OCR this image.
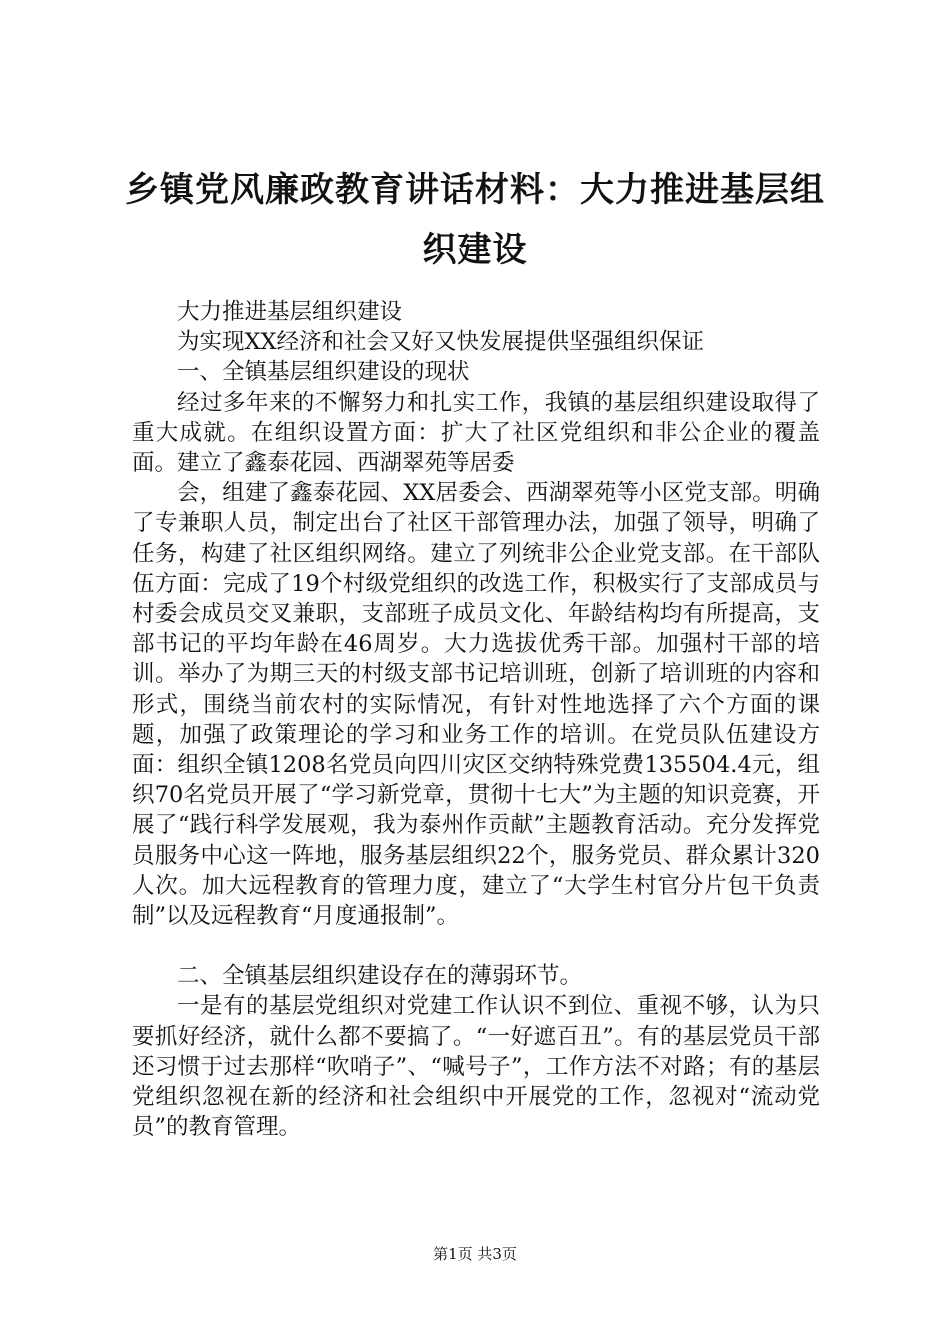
乡镇党风廉政教育讲话材料：大力推进基层组织建设

大力推进基层组织建设

为实现XX经济和社会又好又快发展提供坚强组织保证

一、全镇基层组织建设的现状

经过多年来的不懈努力和扎实工作，我镇的基层组织建设取得了重大成就。在组织设置方面：扩大了社区党组织和非公企业的覆盖面。建立了鑫泰花园、西湖翠苑等居委

会，组建了鑫泰花园、XX居委会、西湖翠苑等小区党支部。明确了专兼职人员，制定出台了社区干部管理办法，加强了领导，明确了任务，构建了社区组织网络。建立了列统非公企业党支部。在干部队伍方面：完成了19个村级党组织的改选工作，积极实行了支部成员与村委会成员交叉兼职，支部班子成员文化、年龄结构均有所提高，支部书记的平均年龄在46周岁。大力选拔优秀干部。加强村干部的培训。举办了为期三天的村级支部书记培训班，创新了培训班的内容和形式，围绕当前农村的实际情况，有针对性地选择了六个方面的课题，加强了政策理论的学习和业务工作的培训。在党员队伍建设方面：组织全镇1208名党员向四川灾区交纳特殊党费135504.4元，组织70名党员开展了“学习新党章，贯彻十七大”为主题的知识竞赛，开展了“践行科学发展观，我为泰州作贡献”主题教育活动。充分发挥党员服务中心这一阵地，服务基层组织22个，服务党员、群众累计320人次。加大远程教育的管理力度，建立了“大学生村官分片包干负责制”以及远程教育“月度通报制”。

二、全镇基层组织建设存在的薄弱环节。

一是有的基层党组织对党建工作认识不到位、重视不够，认为只要抓好经济，就什么都不要搞了。“一好遮百丑”。有的基层党员干部还习惯于过去那样“吹哨子”、“喊号子”，工作方法不对路；有的基层党组织忽视在新的经济和社会组织中开展党的工作，忽视对“流动党员”的教育管理。

第1页 共3页
